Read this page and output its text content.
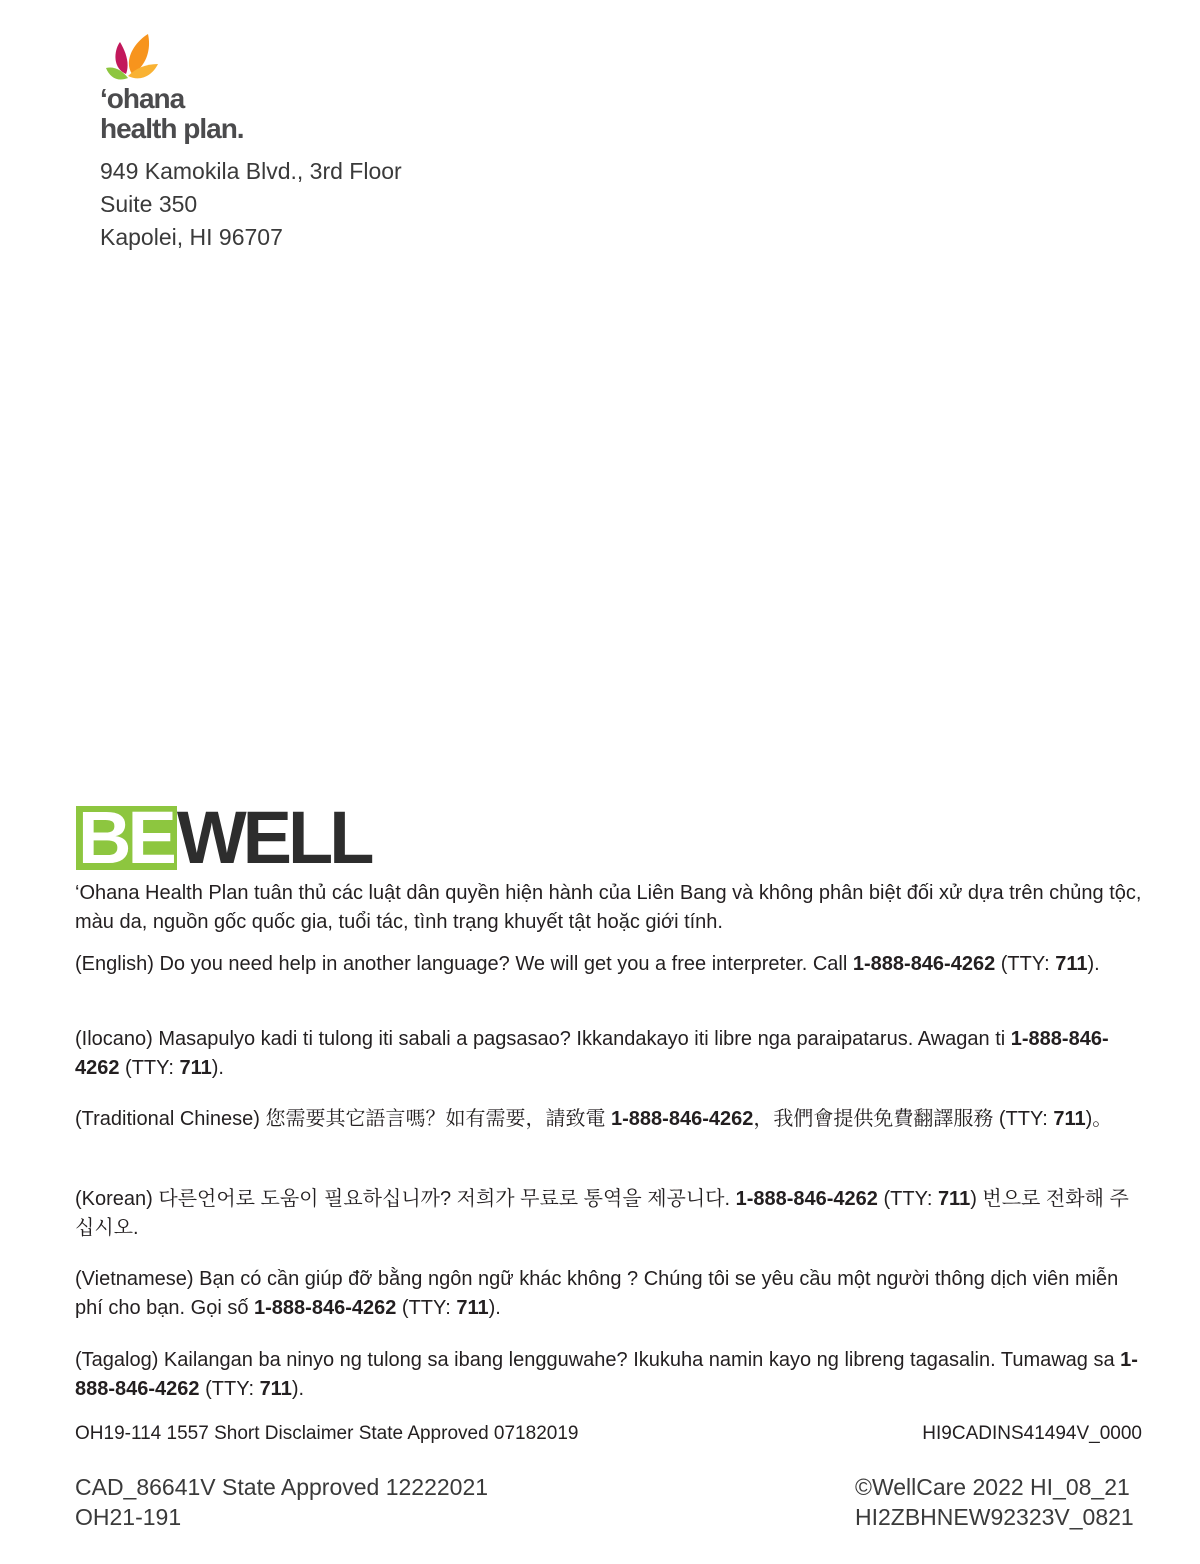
‘ohana
health plan.
949 Kamokila Blvd., 3rd Floor
Suite 350
Kapolei, HI 96707
BEWELL
‘Ohana Health Plan tuân thủ các luật dân quyền hiện hành của Liên Bang và không phân biệt đối xử dựa trên chủng tộc, màu da, nguồn gốc quốc gia, tuổi tác, tình trạng khuyết tật hoặc giới tính.
(English) Do you need help in another language? We will get you a free interpreter. Call 1-888-846-4262 (TTY: 711).
(Ilocano) Masapulyo kadi ti tulong iti sabali a pagsasao? Ikkandakayo iti libre nga paraipatarus. Awagan ti 1-888-846-4262 (TTY: 711).
(Traditional Chinese) 您需要其它語言嗎？如有需要，請致電 1-888-846-4262，我們會提供免費翻譯服務 (TTY: 711)。
(Korean) 다른언어로 도움이 필요하십니까? 저희가 무료로 통역을 제공니다. 1-888-846-4262 (TTY: 711) 번으로 전화해 주십시오.
(Vietnamese) Bạn có cần giúp đỡ bằng ngôn ngữ khác không ? Chúng tôi se yêu cầu một người thông dịch viên miễn phí cho bạn. Gọi số 1-888-846-4262 (TTY: 711).
(Tagalog) Kailangan ba ninyo ng tulong sa ibang lengguwahe? Ikukuha namin kayo ng libreng tagasalin. Tumawag sa 1-888-846-4262 (TTY: 711).
OH19-114 1557 Short Disclaimer State Approved 07182019	HI9CADINS41494V_0000
CAD_86641V State Approved 12222021
OH21-191
©WellCare 2022 HI_08_21
HI2ZBHNEW92323V_0821
